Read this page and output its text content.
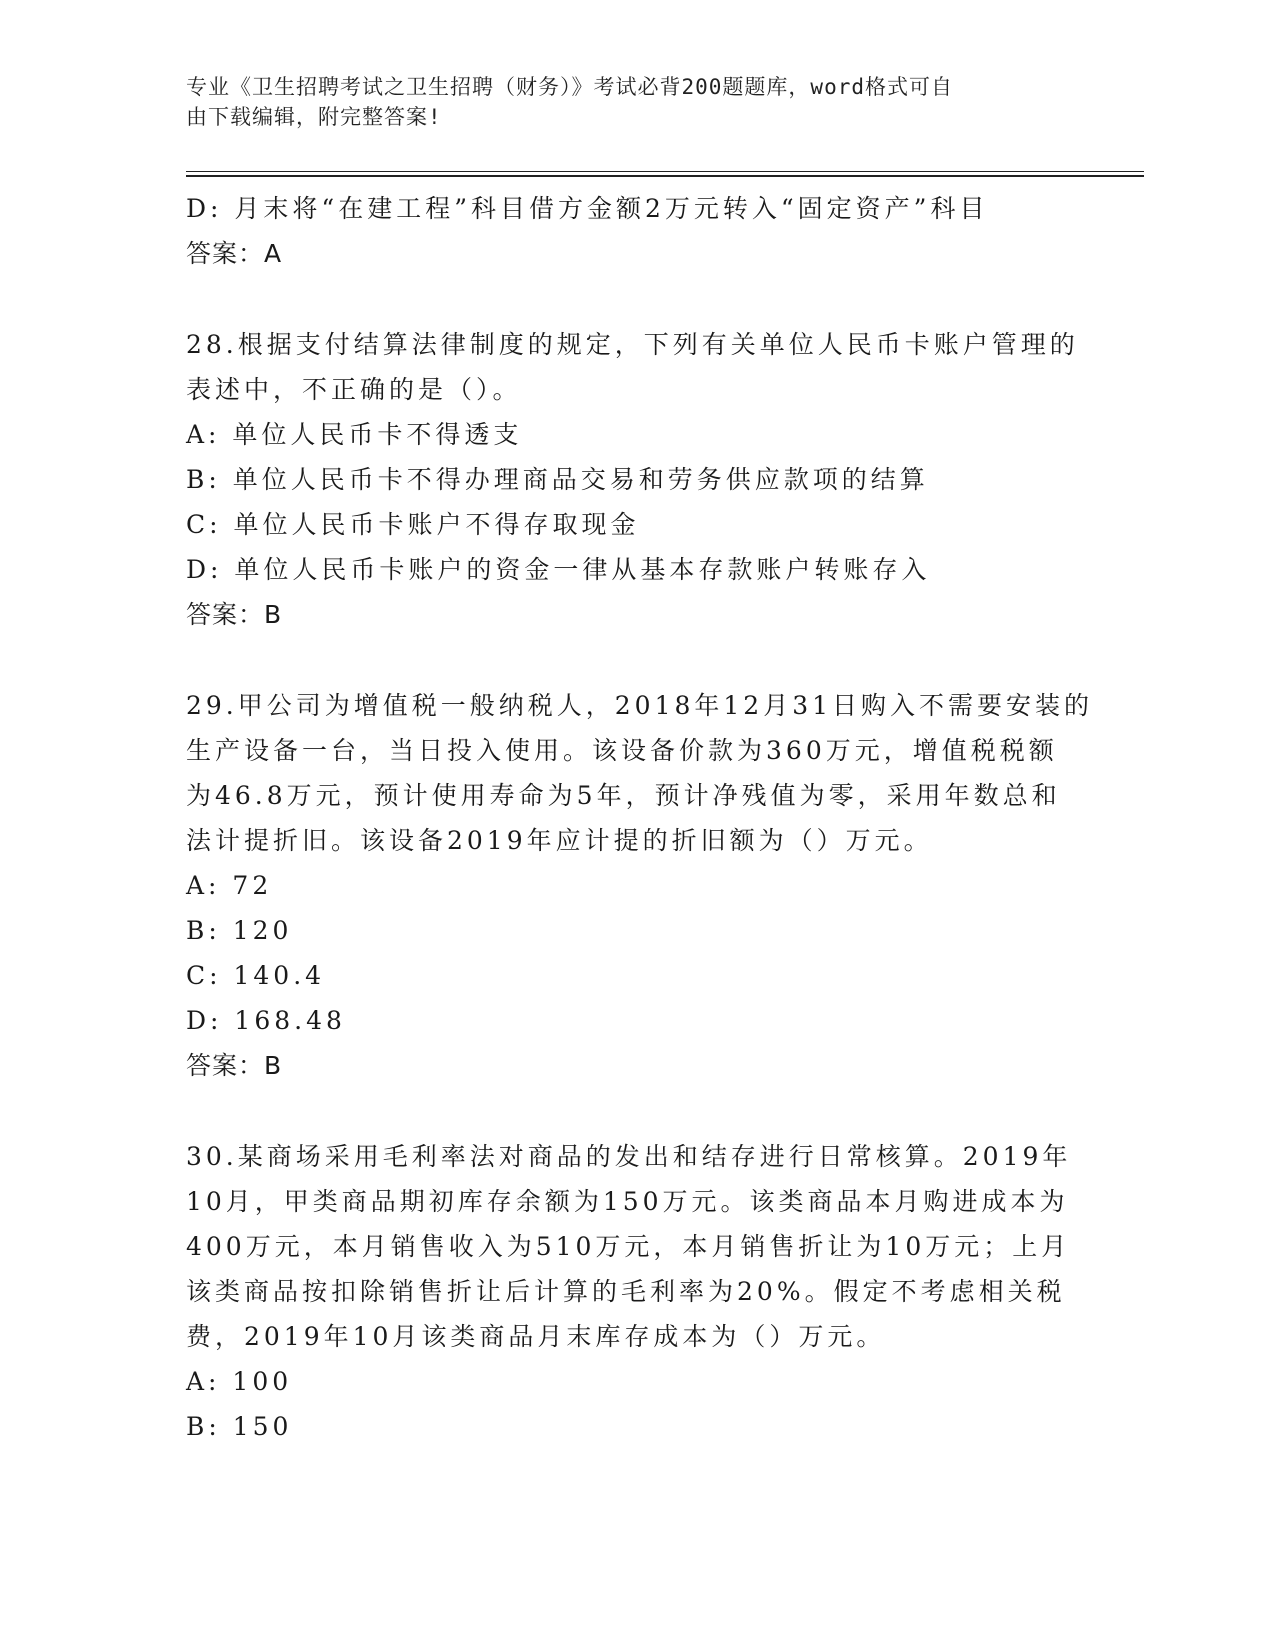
专业《卫生招聘考试之卫生招聘（财务）》考试必背200题题库，word格式可自
由下载编辑，附完整答案!
D: 月末将“在建工程”科目借方金额2万元转入“固定资产”科目
答案：A
28.根据支付结算法律制度的规定，下列有关单位人民币卡账户管理的
表述中，不正确的是（）。
A: 单位人民币卡不得透支
B: 单位人民币卡不得办理商品交易和劳务供应款项的结算
C: 单位人民币卡账户不得存取现金
D: 单位人民币卡账户的资金一律从基本存款账户转账存入
答案：B
29.甲公司为增值税一般纳税人，2018年12月31日购入不需要安装的
生产设备一台，当日投入使用。该设备价款为360万元，增值税税额
为46.8万元，预计使用寿命为5年，预计净残值为零，采用年数总和
法计提折旧。该设备2019年应计提的折旧额为（）万元。
A: 72
B: 120
C: 140.4
D: 168.48
答案：B
30.某商场采用毛利率法对商品的发出和结存进行日常核算。2019年
10月，甲类商品期初库存余额为150万元。该类商品本月购进成本为
400万元，本月销售收入为510万元，本月销售折让为10万元；上月
该类商品按扣除销售折让后计算的毛利率为20%。假定不考虑相关税
费，2019年10月该类商品月末库存成本为（）万元。
A: 100
B: 150
